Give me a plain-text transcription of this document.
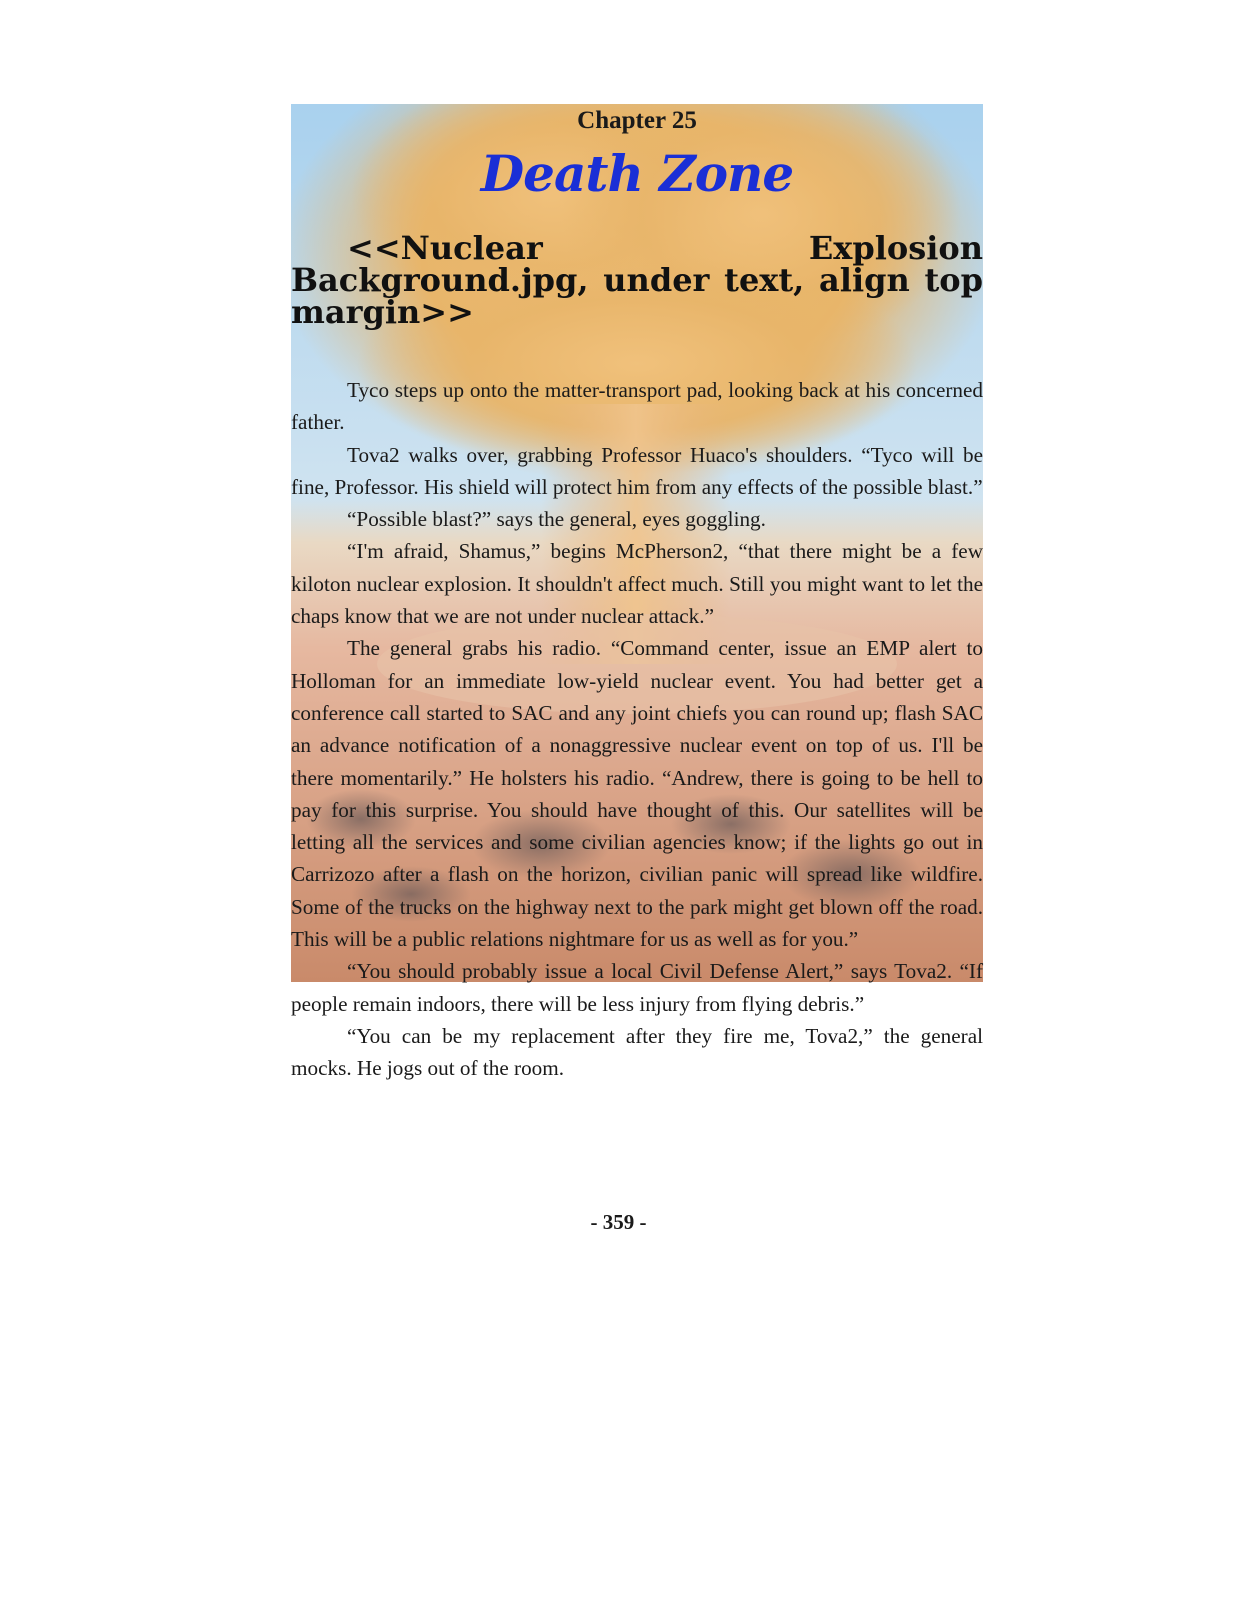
Chapter 25
Death Zone
<<Nuclear Explosion Background.jpg, under text, align top margin>>

Tyco steps up onto the matter-transport pad, looking back at his concerned father.

Tova2 walks over, grabbing Professor Huaco's shoulders. “Tyco will be fine, Professor. His shield will protect him from any effects of the possible blast.”

“Possible blast?” says the general, eyes goggling.

“I'm afraid, Shamus,” begins McPherson2, “that there might be a few kiloton nuclear explosion. It shouldn't affect much. Still you might want to let the chaps know that we are not under nuclear attack.”

The general grabs his radio. “Command center, issue an EMP alert to Holloman for an immediate low-yield nuclear event. You had better get a conference call started to SAC and any joint chiefs you can round up; flash SAC an advance notification of a nonaggressive nuclear event on top of us. I'll be there momentarily.” He holsters his radio. “Andrew, there is going to be hell to pay for this surprise. You should have thought of this. Our satellites will be letting all the services and some civilian agencies know; if the lights go out in Carrizozo after a flash on the horizon, civilian panic will spread like wildfire. Some of the trucks on the highway next to the park might get blown off the road. This will be a public relations nightmare for us as well as for you.”

“You should probably issue a local Civil Defense Alert,” says Tova2. “If people remain indoors, there will be less injury from flying debris.”

“You can be my replacement after they fire me, Tova2,” the general mocks. He jogs out of the room.

- 359 -
